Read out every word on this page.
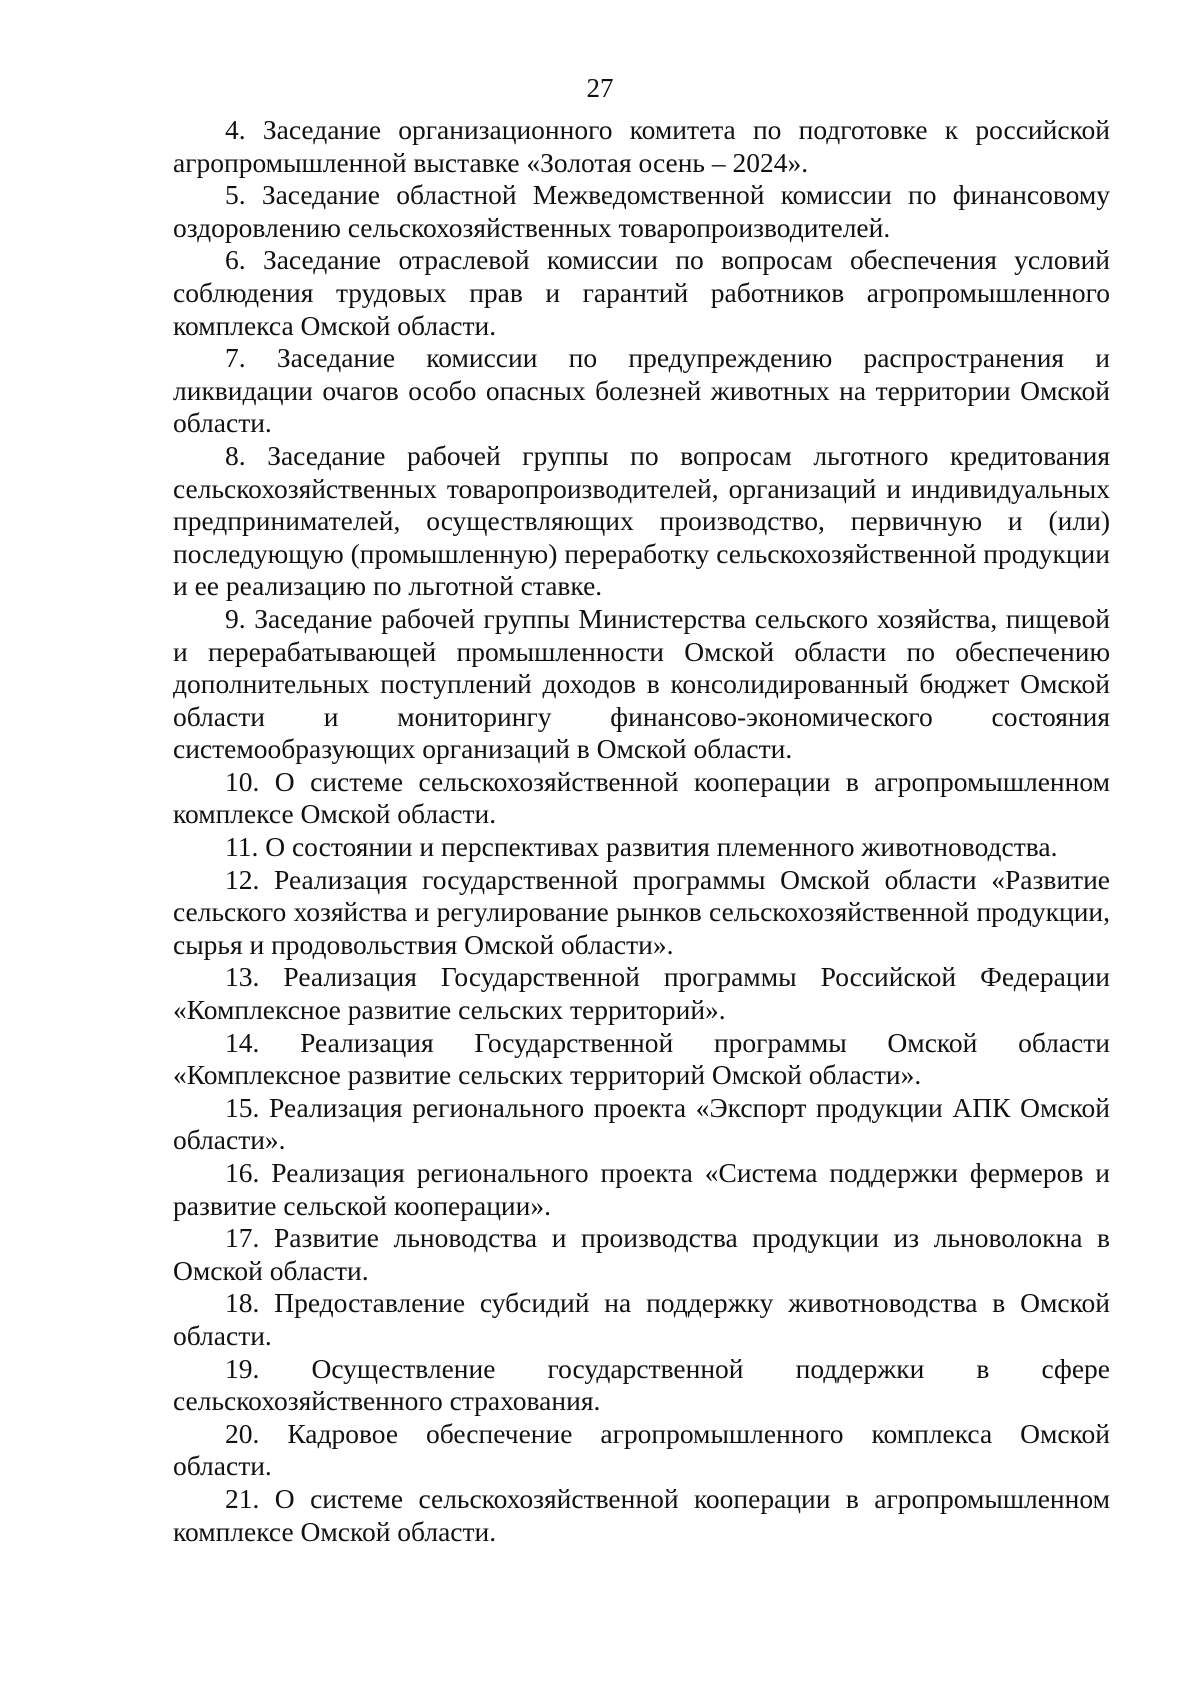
27

4. Заседание организационного комитета по подготовке к российской агропромышленной выставке «Золотая осень – 2024».

5. Заседание областной Межведомственной комиссии по финансовому оздоровлению сельскохозяйственных товаропроизводителей.

6. Заседание отраслевой комиссии по вопросам обеспечения условий соблюдения трудовых прав и гарантий работников агропромышленного комплекса Омской области.

7. Заседание комиссии по предупреждению распространения и ликвидации очагов особо опасных болезней животных на территории Омской области.

8. Заседание рабочей группы по вопросам льготного кредитования сельскохозяйственных товаропроизводителей, организаций и индивидуальных предпринимателей, осуществляющих производство, первичную и (или) последующую (промышленную) переработку сельскохозяйственной продукции и ее реализацию по льготной ставке.

9. Заседание рабочей группы Министерства сельского хозяйства, пищевой и перерабатывающей промышленности Омской области по обеспечению дополнительных поступлений доходов в консолидированный бюджет Омской области и мониторингу финансово-экономического состояния системообразующих организаций в Омской области.

10. О системе сельскохозяйственной кооперации в агропромышленном комплексе Омской области.

11. О состоянии и перспективах развития племенного животноводства.

12. Реализация государственной программы Омской области «Развитие сельского хозяйства и регулирование рынков сельскохозяйственной продукции, сырья и продовольствия Омской области».

13. Реализация Государственной программы Российской Федерации «Комплексное развитие сельских территорий».

14. Реализация Государственной программы Омской области «Комплексное развитие сельских территорий Омской области».

15. Реализация регионального проекта «Экспорт продукции АПК Омской области».

16. Реализация регионального проекта «Система поддержки фермеров и развитие сельской кооперации».

17. Развитие льноводства и производства продукции из льноволокна в Омской области.

18. Предоставление субсидий на поддержку животноводства в Омской области.

19. Осуществление государственной поддержки в сфере сельскохозяйственного страхования.

20. Кадровое обеспечение агропромышленного комплекса Омской области.

21. О системе сельскохозяйственной кооперации в агропромышленном комплексе Омской области.
